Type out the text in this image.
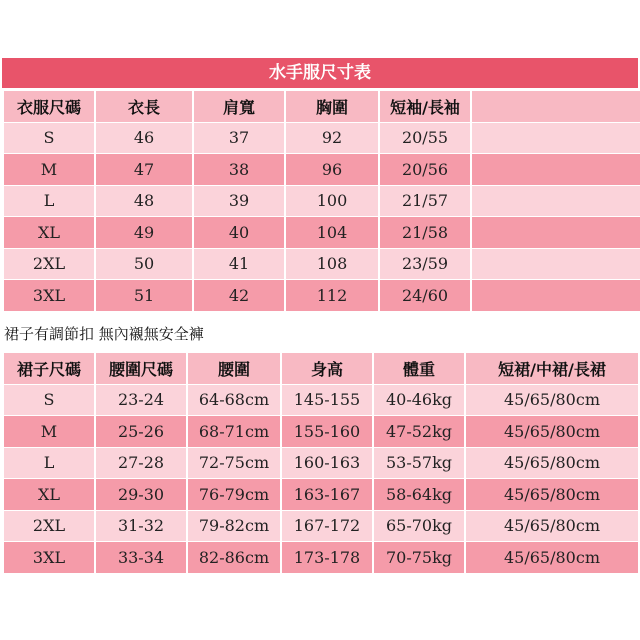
水手服尺寸表
衣服尺碼	衣長	肩寬	胸圍	短袖/長袖	
S	46	37	92	20/55	
M	47	38	96	20/56	
L	48	39	100	21/57	
XL	49	40	104	21/58	
2XL	50	41	108	23/59	
3XL	51	42	112	24/60	
裙子有調節扣 無內襯無安全褲
裙子尺碼	腰圍尺碼	腰圍	身高	體重	短裙/中裙/長裙
S	23-24	64-68cm	145-155	40-46kg	45/65/80cm
M	25-26	68-71cm	155-160	47-52kg	45/65/80cm
L	27-28	72-75cm	160-163	53-57kg	45/65/80cm
XL	29-30	76-79cm	163-167	58-64kg	45/65/80cm
2XL	31-32	79-82cm	167-172	65-70kg	45/65/80cm
3XL	33-34	82-86cm	173-178	70-75kg	45/65/80cm
